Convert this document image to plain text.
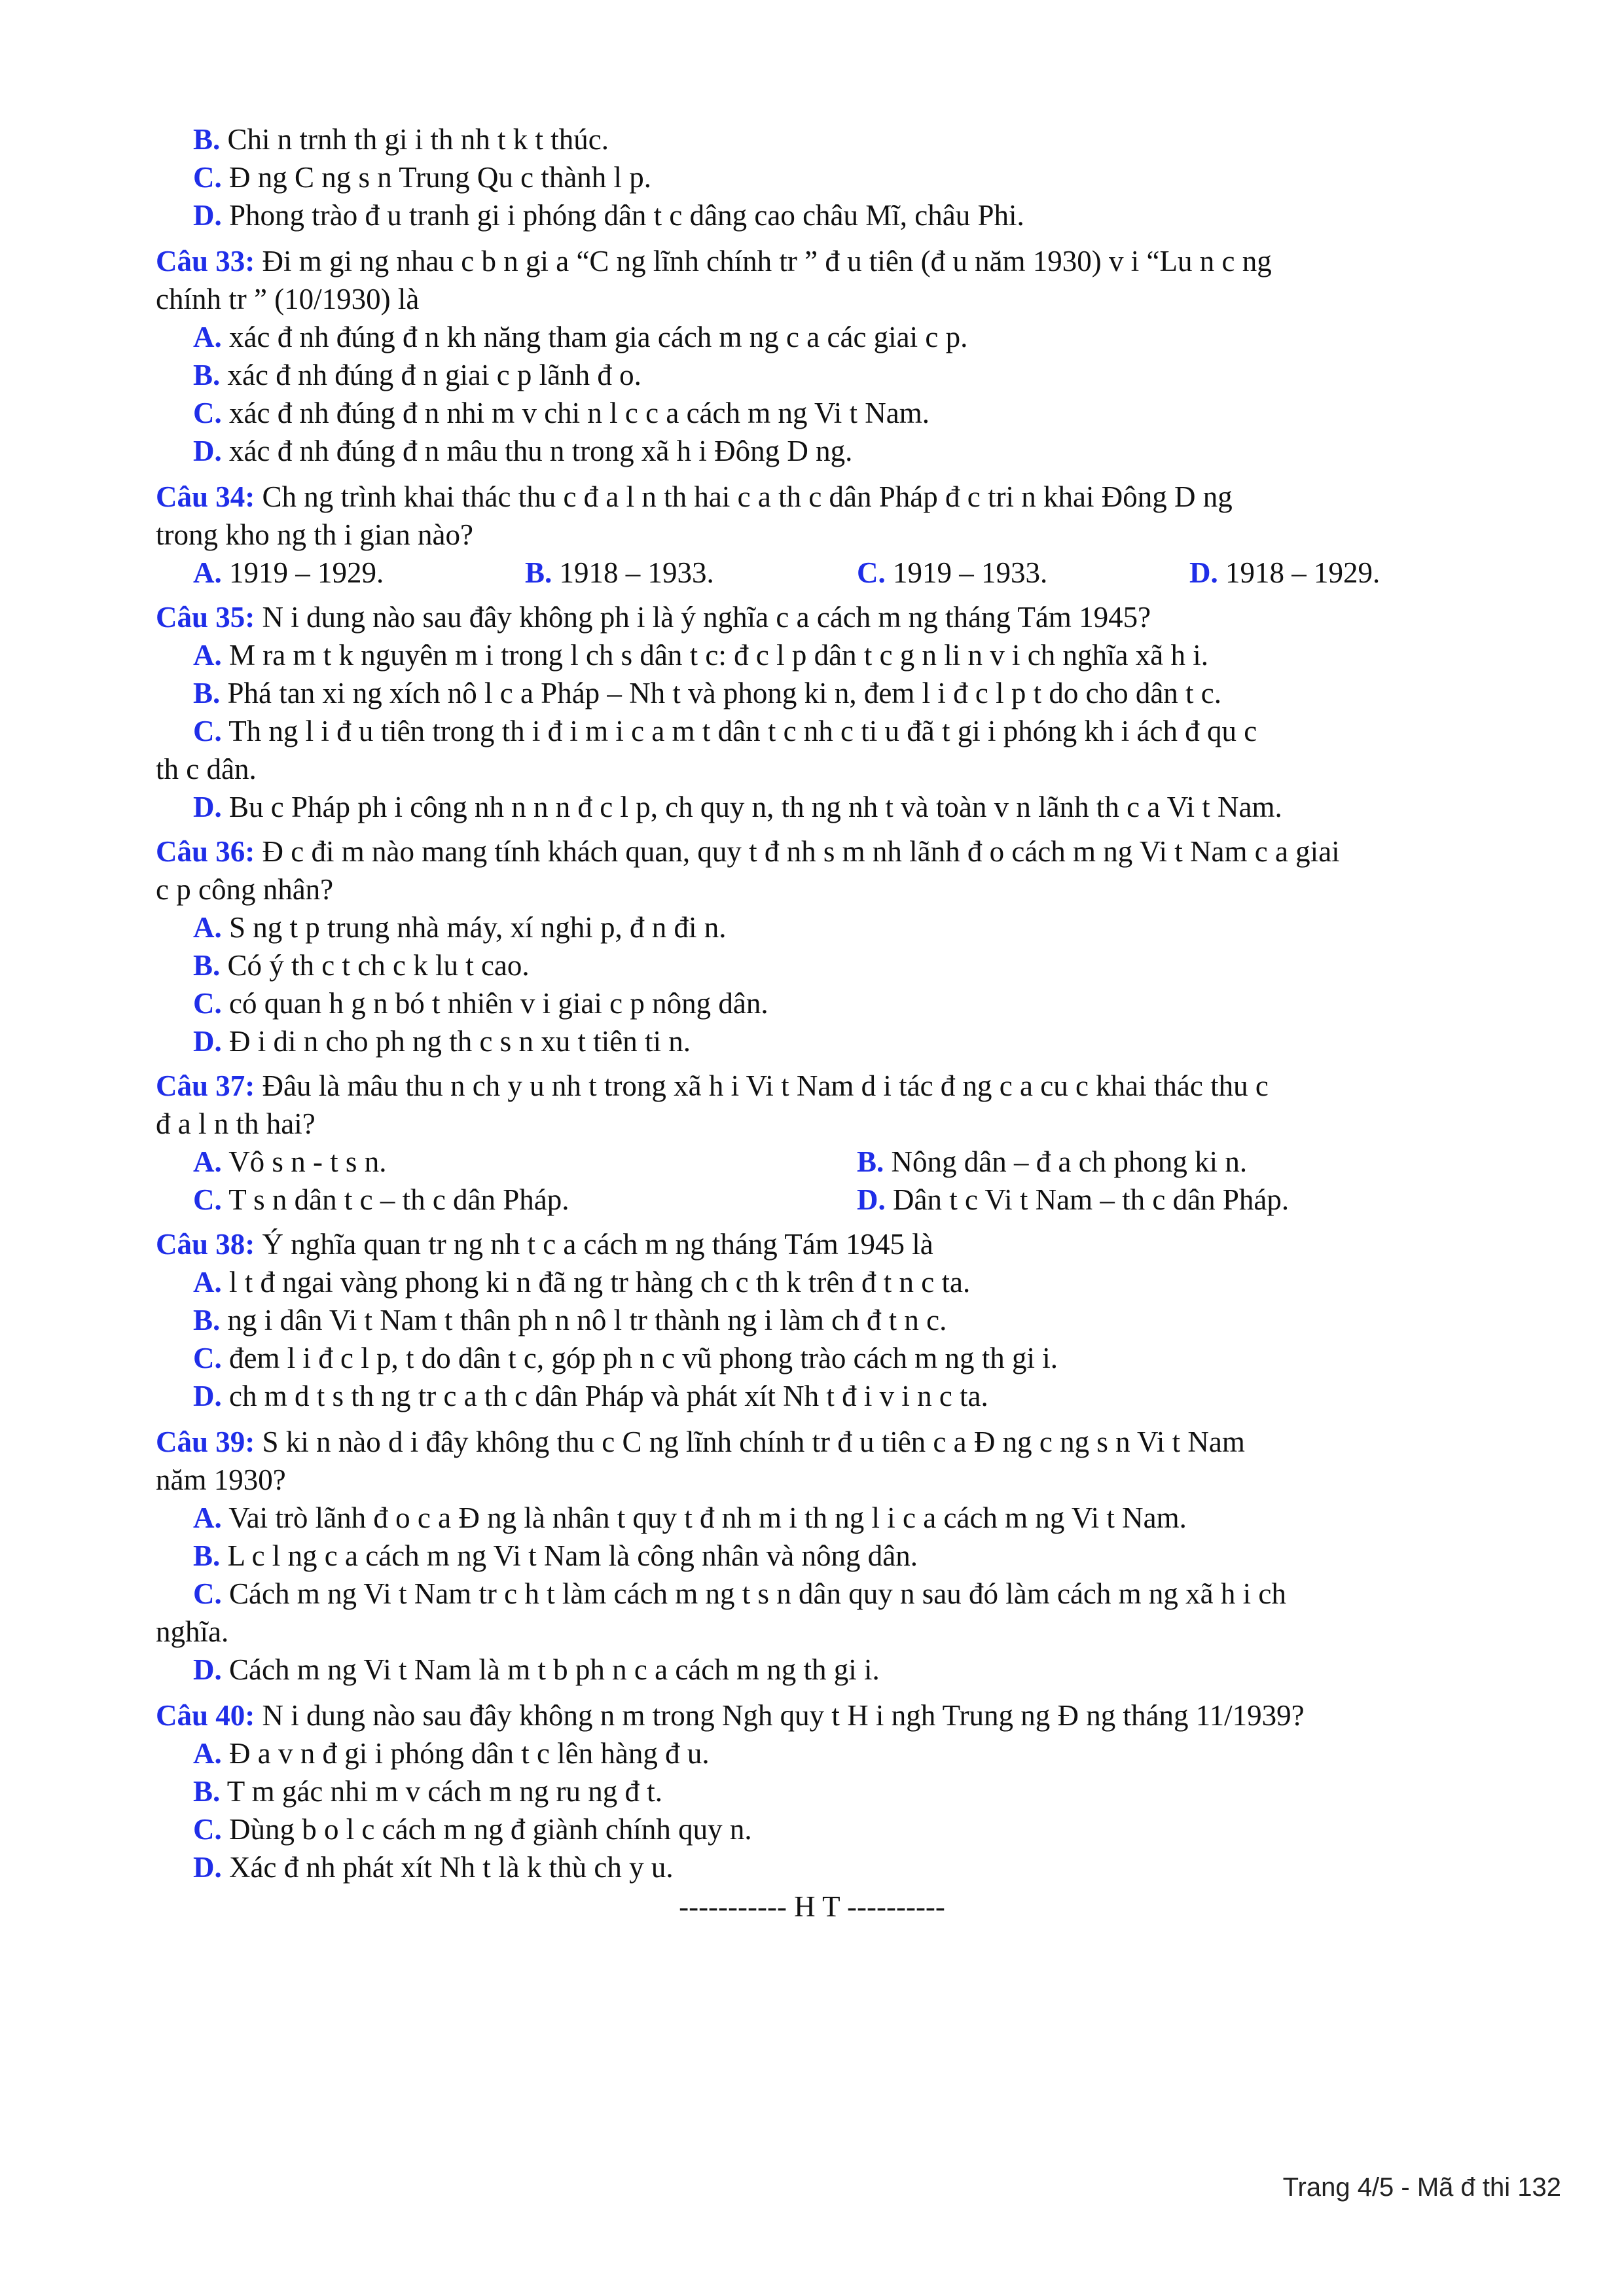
B. Chi n trnh th gi i th nh t k t thúc.
C. Đ ng C ng s n Trung Qu c thành l p.
D. Phong trào đ u tranh gi i phóng dân t c dâng cao châu Mĩ, châu Phi.
Câu 33: Đi m gi ng nhau c b n gi a “C ng lĩnh chính tr ” đ u tiên (đ u năm 1930) v i “Lu n c ng
chính tr ” (10/1930) là
A. xác đ nh đúng đ n kh năng tham gia cách m ng c a các giai c p.
B. xác đ nh đúng đ n giai c p lãnh đ o.
C. xác đ nh đúng đ n nhi m v chi n l c c a cách m ng Vi t Nam.
D. xác đ nh đúng đ n mâu thu n trong xã h i Đông D ng.
Câu 34: Ch ng trình khai thác thu c đ a l n th hai c a th c dân Pháp đ c tri n khai Đông D ng
trong kho ng th i gian nào?
A. 1919 – 1929.	B. 1918 – 1933.	C. 1919 – 1933.	D. 1918 – 1929.
Câu 35: N i dung nào sau đây không ph i là ý nghĩa c a cách m ng tháng Tám 1945?
A. M ra m t k nguyên m i trong l ch s dân t c: đ c l p dân t c g n li n v i ch nghĩa xã h i.
B. Phá tan xi ng xích nô l c a Pháp – Nh t và phong ki n, đem l i đ c l p t do cho dân t c.
C. Th ng l i đ u tiên trong th i đ i m i c a m t dân t c nh c ti u đã t gi i phóng kh i ách đ qu c
th c dân.
D. Bu c Pháp ph i công nh n n n đ c l p, ch quy n, th ng nh t và toàn v n lãnh th c a Vi t Nam.
Câu 36: Đ c đi m nào mang tính khách quan, quy t đ nh s m nh lãnh đ o cách m ng Vi t Nam c a giai
c p công nhân?
A. S ng t p trung nhà máy, xí nghi p, đ n đi n.
B. Có ý th c t ch c k lu t cao.
C. có quan h g n bó t nhiên v i giai c p nông dân.
D. Đ i di n cho ph ng th c s n xu t tiên ti n.
Câu 37: Đâu là mâu thu n ch y u nh t trong xã h i Vi t Nam d i tác đ ng c a cu c khai thác thu c
đ a l n th hai?
A. Vô s n - t s n.	B. Nông dân – đ a ch phong ki n.
C. T s n dân t c – th c dân Pháp.	D. Dân t c Vi t Nam – th c dân Pháp.
Câu 38: Ý nghĩa quan tr ng nh t c a cách m ng tháng Tám 1945 là
A. l t đ ngai vàng phong ki n đã ng tr hàng ch c th k trên đ t n c ta.
B. ng i dân Vi t Nam t thân ph n nô l tr thành ng i làm ch đ t n c.
C. đem l i đ c l p, t do dân t c, góp ph n c vũ phong trào cách m ng th gi i.
D. ch m d t s th ng tr c a th c dân Pháp và phát xít Nh t đ i v i n c ta.
Câu 39: S ki n nào d i đây không thu c C ng lĩnh chính tr đ u tiên c a Đ ng c ng s n Vi t Nam
năm 1930?
A. Vai trò lãnh đ o c a Đ ng là nhân t quy t đ nh m i th ng l i c a cách m ng Vi t Nam.
B. L c l ng c a cách m ng Vi t Nam là công nhân và nông dân.
C. Cách m ng Vi t Nam tr c h t làm cách m ng t s n dân quy n sau đó làm cách m ng xã h i ch
nghĩa.
D. Cách m ng Vi t Nam là m t b ph n c a cách m ng th gi i.
Câu 40: N i dung nào sau đây không n m trong Ngh quy t H i ngh Trung ng Đ ng tháng 11/1939?
A. Đ a v n đ gi i phóng dân t c lên hàng đ u.
B. T m gác nhi m v cách m ng ru ng đ t.
C. Dùng b o l c cách m ng đ giành chính quy n.
D. Xác đ nh phát xít Nh t là k thù ch y u.
----------- H T ----------
Trang 4/5 - Mã đ thi 132
